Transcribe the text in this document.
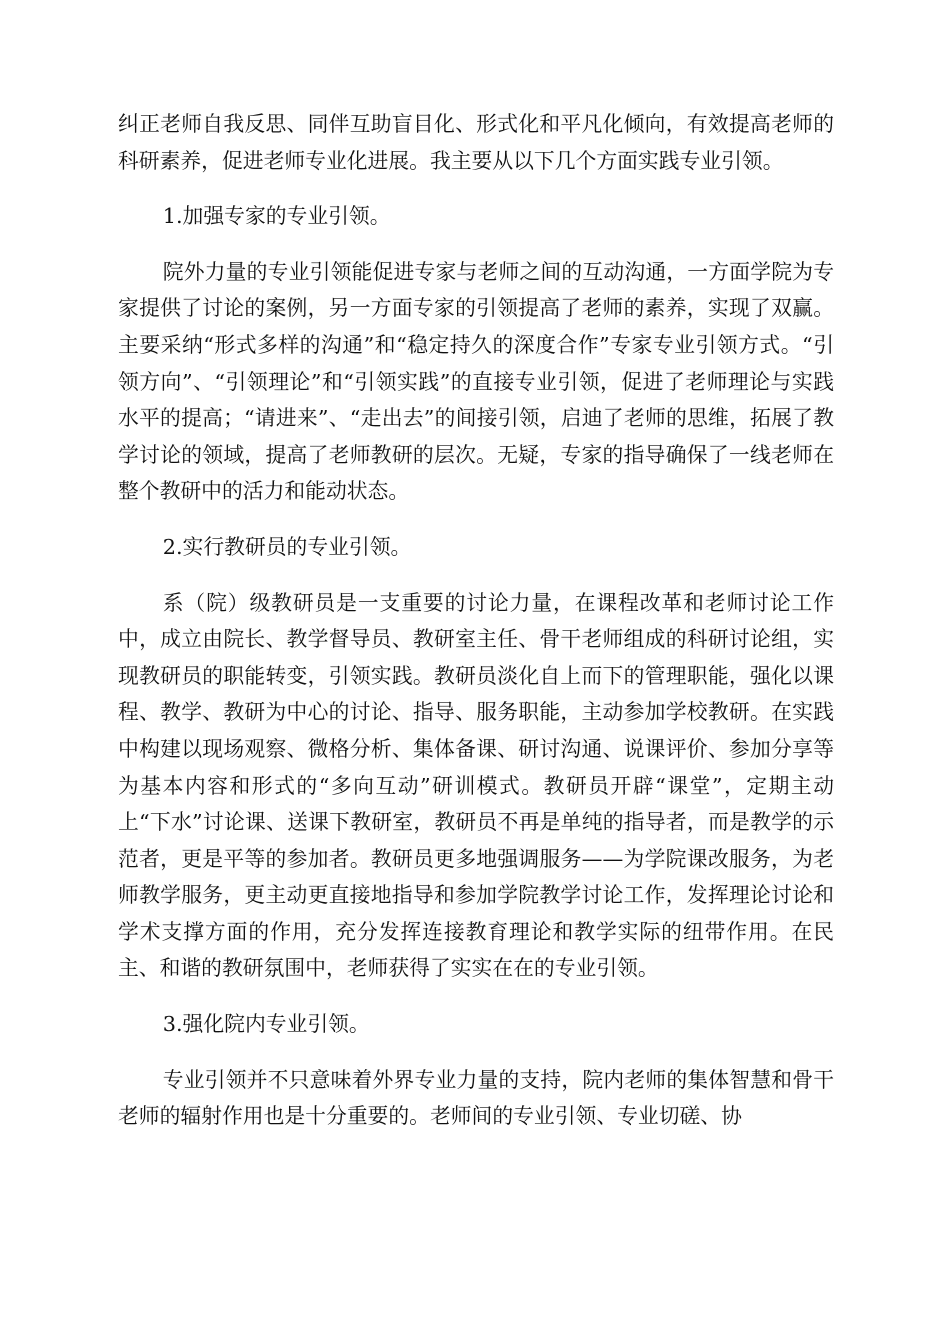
纠正老师自我反思、同伴互助盲目化、形式化和平凡化倾向，有效提高老师的科研素养，促进老师专业化进展。我主要从以下几个方面实践专业引领。

1.加强专家的专业引领。

院外力量的专业引领能促进专家与老师之间的互动沟通，一方面学院为专家提供了讨论的案例，另一方面专家的引领提高了老师的素养，实现了双赢。主要采纳“形式多样的沟通”和“稳定持久的深度合作”专家专业引领方式。“引领方向”、“引领理论”和“引领实践”的直接专业引领，促进了老师理论与实践水平的提高；“请进来”、“走出去”的间接引领，启迪了老师的思维，拓展了教学讨论的领域，提高了老师教研的层次。无疑，专家的指导确保了一线老师在整个教研中的活力和能动状态。

2.实行教研员的专业引领。

系（院）级教研员是一支重要的讨论力量，在课程改革和老师讨论工作中，成立由院长、教学督导员、教研室主任、骨干老师组成的科研讨论组，实现教研员的职能转变，引领实践。教研员淡化自上而下的管理职能，强化以课程、教学、教研为中心的讨论、指导、服务职能，主动参加学校教研。在实践中构建以现场观察、微格分析、集体备课、研讨沟通、说课评价、参加分享等为基本内容和形式的“多向互动”研训模式。教研员开辟“课堂”，定期主动上“下水”讨论课、送课下教研室，教研员不再是单纯的指导者，而是教学的示范者，更是平等的参加者。教研员更多地强调服务——为学院课改服务，为老师教学服务，更主动更直接地指导和参加学院教学讨论工作，发挥理论讨论和学术支撑方面的作用，充分发挥连接教育理论和教学实际的纽带作用。在民主、和谐的教研氛围中，老师获得了实实在在的专业引领。

3.强化院内专业引领。

专业引领并不只意味着外界专业力量的支持，院内老师的集体智慧和骨干老师的辐射作用也是十分重要的。老师间的专业引领、专业切磋、协
